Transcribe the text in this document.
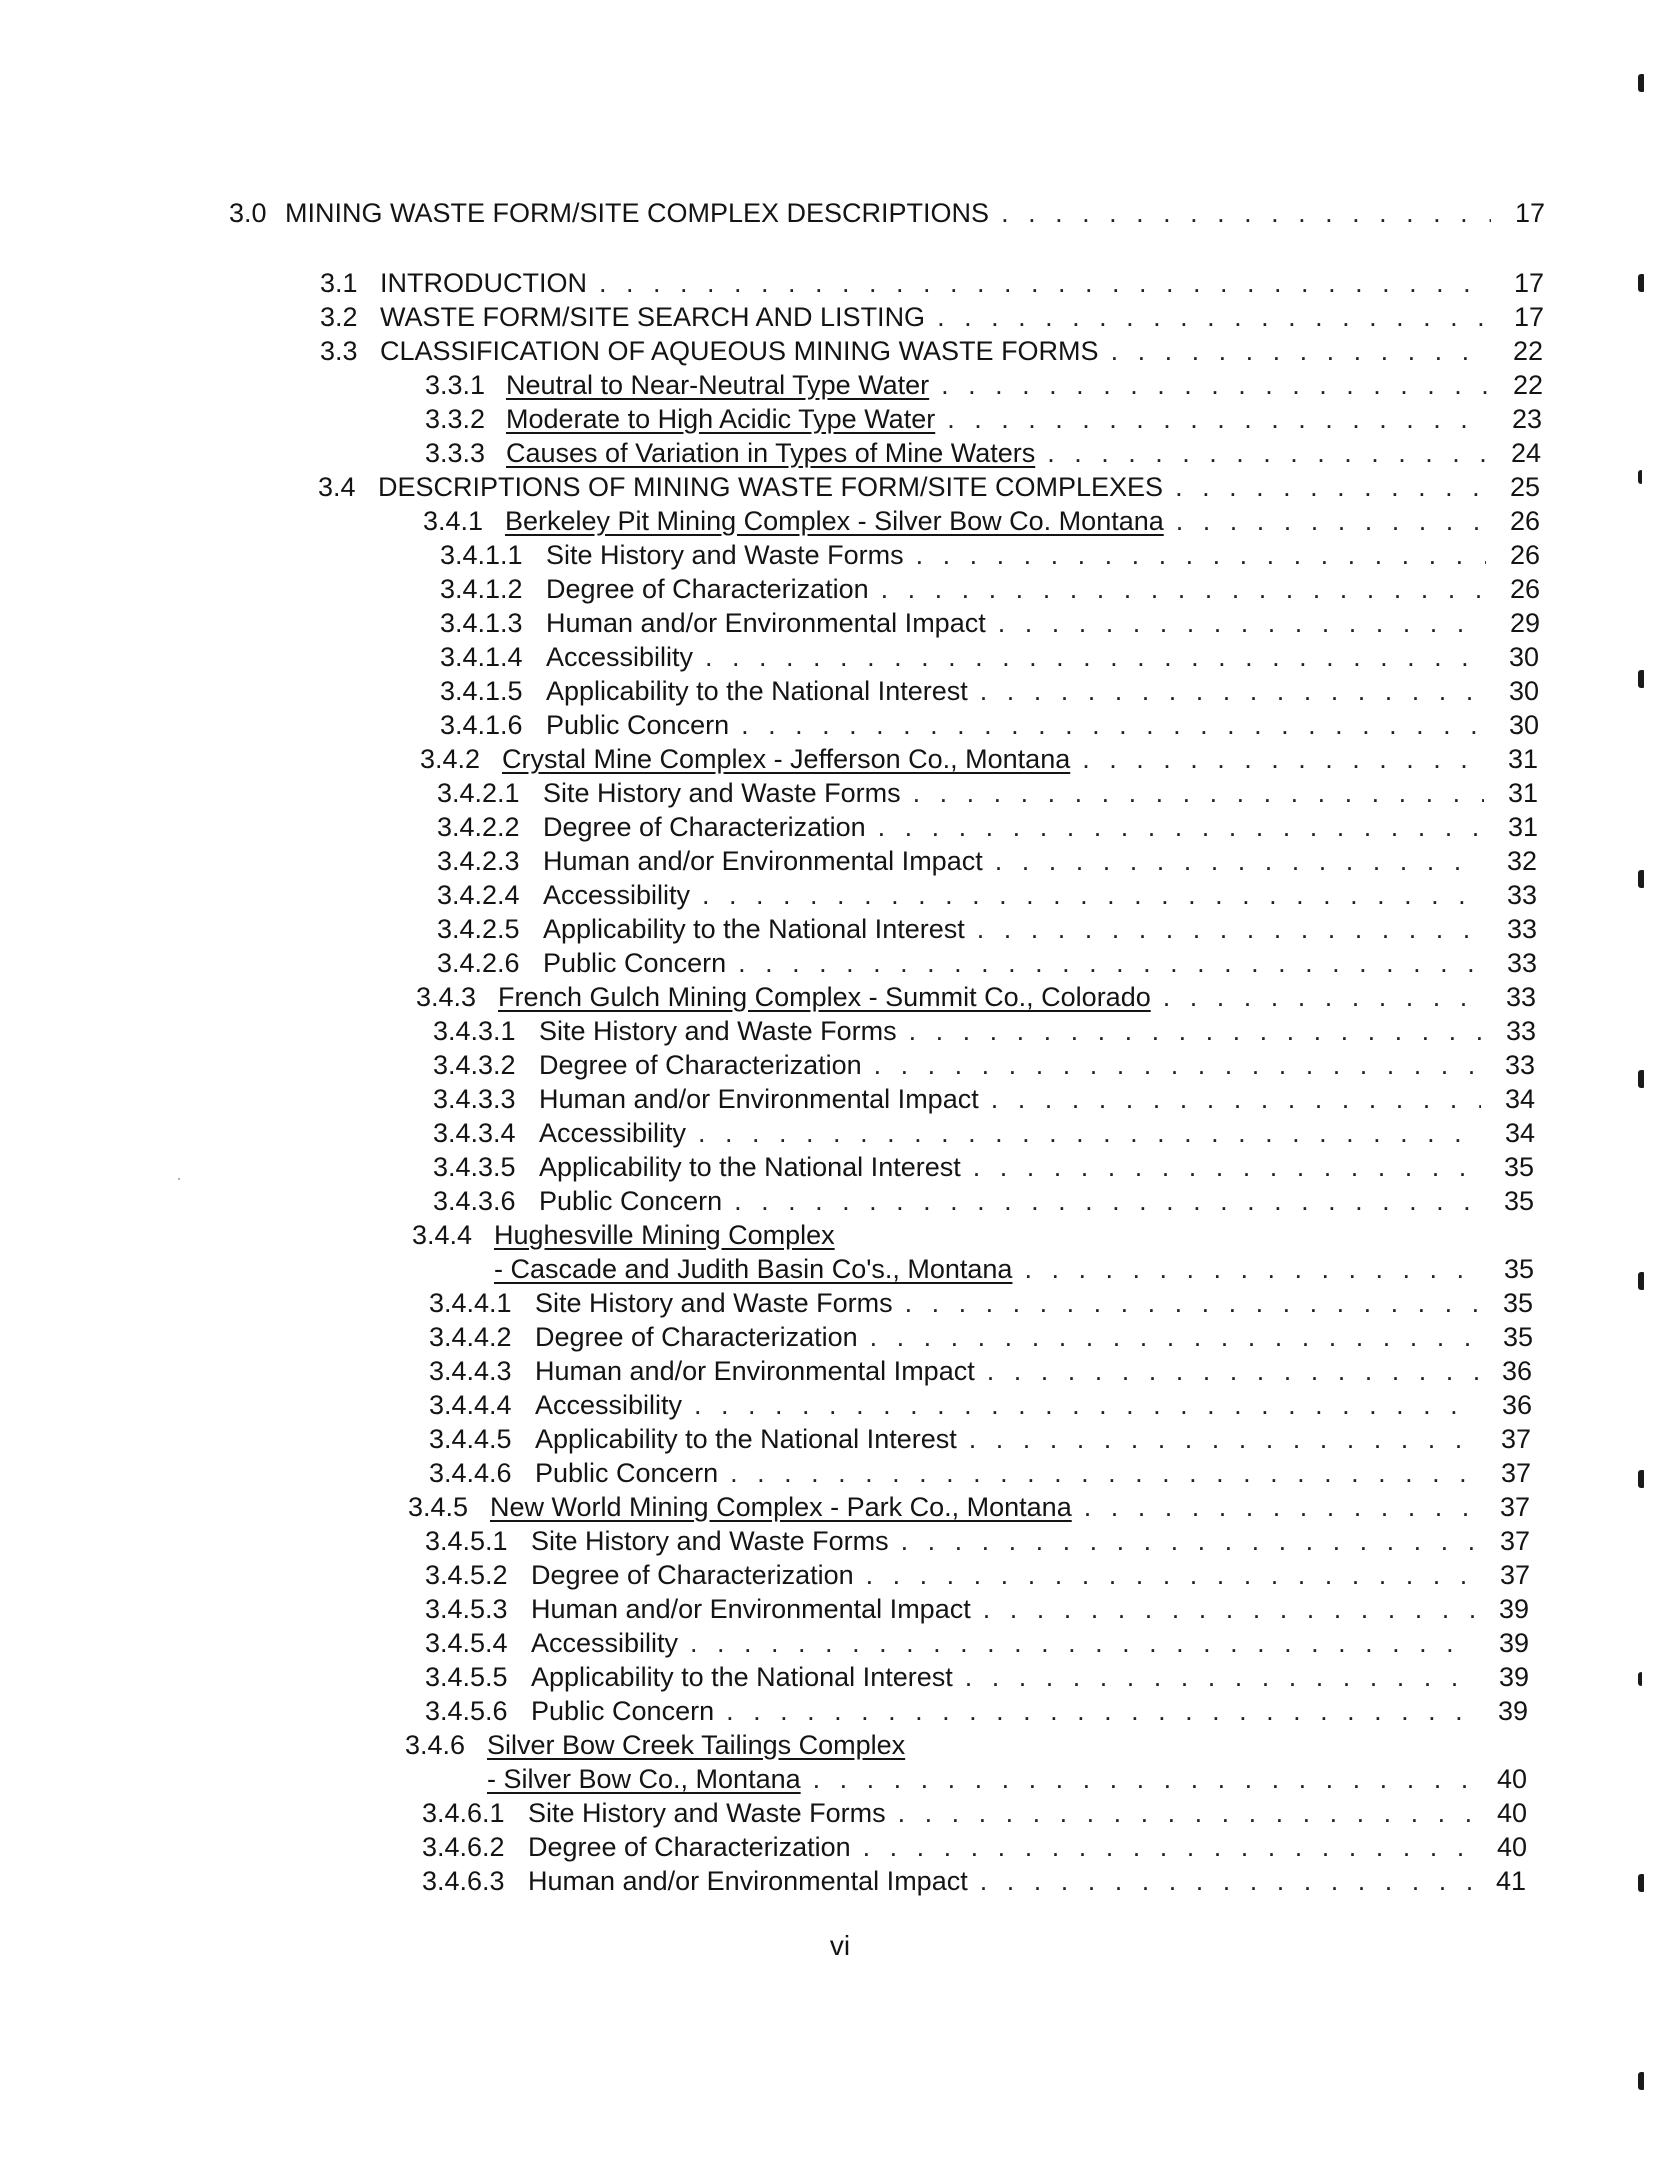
3.0 MINING WASTE FORM/SITE COMPLEX DESCRIPTIONS . . .	17
3.1 INTRODUCTION . . .	17
3.2 WASTE FORM/SITE SEARCH AND LISTING . . .	17
3.3 CLASSIFICATION OF AQUEOUS MINING WASTE FORMS . . .	22
3.3.1 Neutral to Near-Neutral Type Water . . .	22
3.3.2 Moderate to High Acidic Type Water . . .	23
3.3.3 Causes of Variation in Types of Mine Waters . . .	24
3.4 DESCRIPTIONS OF MINING WASTE FORM/SITE COMPLEXES . . .	25
3.4.1 Berkeley Pit Mining Complex - Silver Bow Co. Montana . . .	26
3.4.1.1 Site History and Waste Forms . . .	26
3.4.1.2 Degree of Characterization . . .	26
3.4.1.3 Human and/or Environmental Impact . . .	29
3.4.1.4 Accessibility . . .	30
3.4.1.5 Applicability to the National Interest . . .	30
3.4.1.6 Public Concern . . .	30
3.4.2 Crystal Mine Complex - Jefferson Co., Montana . . .	31
3.4.2.1 Site History and Waste Forms . . .	31
3.4.2.2 Degree of Characterization . . .	31
3.4.2.3 Human and/or Environmental Impact . . .	32
3.4.2.4 Accessibility . . .	33
3.4.2.5 Applicability to the National Interest . . .	33
3.4.2.6 Public Concern . . .	33
3.4.3 French Gulch Mining Complex - Summit Co., Colorado . . .	33
3.4.3.1 Site History and Waste Forms . . .	33
3.4.3.2 Degree of Characterization . . .	33
3.4.3.3 Human and/or Environmental Impact . . .	34
3.4.3.4 Accessibility . . .	34
3.4.3.5 Applicability to the National Interest . . .	35
3.4.3.6 Public Concern . . .	35
3.4.4 Hughesville Mining Complex
- Cascade and Judith Basin Co's., Montana . . .	35
3.4.4.1 Site History and Waste Forms . . .	35
3.4.4.2 Degree of Characterization . . .	35
3.4.4.3 Human and/or Environmental Impact . . .	36
3.4.4.4 Accessibility . . .	36
3.4.4.5 Applicability to the National Interest . . .	37
3.4.4.6 Public Concern . . .	37
3.4.5 New World Mining Complex - Park Co., Montana . . .	37
3.4.5.1 Site History and Waste Forms . . .	37
3.4.5.2 Degree of Characterization . . .	37
3.4.5.3 Human and/or Environmental Impact . . .	39
3.4.5.4 Accessibility . . .	39
3.4.5.5 Applicability to the National Interest . . .	39
3.4.5.6 Public Concern . . .	39
3.4.6 Silver Bow Creek Tailings Complex
- Silver Bow Co., Montana . . .	40
3.4.6.1 Site History and Waste Forms . . .	40
3.4.6.2 Degree of Characterization . . .	40
3.4.6.3 Human and/or Environmental Impact . . .	41
vi
